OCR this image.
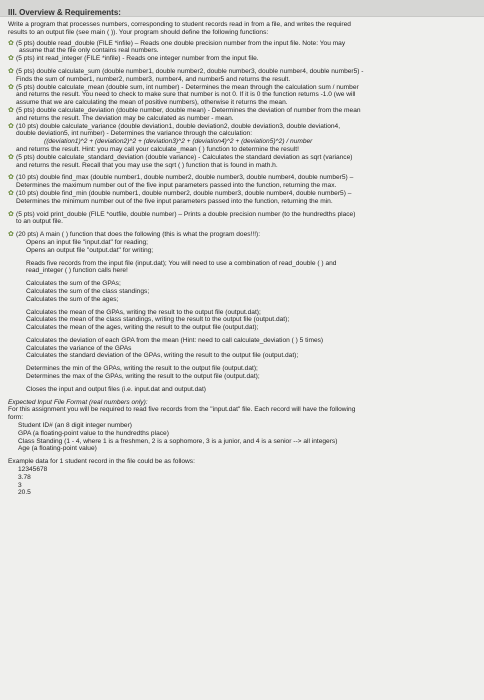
III. Overview & Requirements:

Write a program that processes numbers, corresponding to student records read in from a file, and writes the required

results to an output file (see main ( )). Your program should define the following functions:

✿ (5 pts) double read_double (FILE *infile) – Reads one double precision number from the input file. Note: You may

assume that the file only contains real numbers.

✿ (5 pts) int read_integer (FILE *infile) - Reads one integer number from the input file.

✿ (5 pts) double calculate_sum (double number1, double number2, double number3, double number4, double number5) -

Finds the sum of number1, number2, number3, number4, and number5 and returns the result.

✿ (5 pts) double calculate_mean (double sum, int number) - Determines the mean through the calculation sum / number

and returns the result. You need to check to make sure that number is not 0. If it is 0 the function returns -1.0 (we will

assume that we are calculating the mean of positive numbers), otherwise it returns the mean.

✿ (5 pts) double calculate_deviation (double number, double mean) - Determines the deviation of number from the mean

and returns the result. The deviation may be calculated as number - mean.

✿ (10 pts) double calculate_variance (double deviation1, double deviation2, double deviation3, double deviation4,

double deviation5, int number) - Determines the variance through the calculation:

((deviation1)^2 + (deviation2)^2 + (deviation3)^2 + (deviation4)^2 + (deviation5)^2) / number

and returns the result. Hint: you may call your calculate_mean ( ) function to determine the result!

✿ (5 pts) double calculate_standard_deviation (double variance) - Calculates the standard deviation as sqrt (variance)

and returns the result. Recall that you may use the sqrt ( ) function that is found in math.h.

✿ (10 pts) double find_max (double number1, double number2, double number3, double number4, double number5) –

Determines the maximum number out of the five input parameters passed into the function, returning the max.

✿ (10 pts) double find_min (double number1, double number2, double number3, double number4, double number5) –

Determines the minimum number out of the five input parameters passed into the function, returning the min.

✿ (5 pts) void print_double (FILE *outfile, double number) – Prints a double precision number (to the hundredths place)

to an output file.

✿ (20 pts) A main ( ) function that does the following (this is what the program does!!!):

Opens an input file "input.dat" for reading;

Opens an output file "output.dat" for writing;

Reads five records from the input file (input.dat); You will need to use a combination of read_double ( ) and

read_integer ( ) function calls here!

Calculates the sum of the GPAs;

Calculates the sum of the class standings;

Calculates the sum of the ages;

Calculates the mean of the GPAs, writing the result to the output file (output.dat);

Calculates the mean of the class standings, writing the result to the output file (output.dat);

Calculates the mean of the ages, writing the result to the output file (output.dat);

Calculates the deviation of each GPA from the mean (Hint: need to call calculate_deviation ( ) 5 times)

Calculates the variance of the GPAs

Calculates the standard deviation of the GPAs, writing the result to the output file (output.dat);

Determines the min of the GPAs, writing the result to the output file (output.dat);

Determines the max of the GPAs, writing the result to the output file (output.dat);

Closes the input and output files (i.e. input.dat and output.dat)

Expected Input File Format (real numbers only):

For this assignment you will be required to read five records from the "input.dat" file. Each record will have the following

form:

Student ID# (an 8 digit integer number)

GPA (a floating-point value to the hundredths place)

Class Standing (1 - 4, where 1 is a freshmen, 2 is a sophomore, 3 is a junior, and 4 is a senior --> all integers)

Age (a floating-point value)

Example data for 1 student record in the file could be as follows:

12345678

3.78

3

20.5
